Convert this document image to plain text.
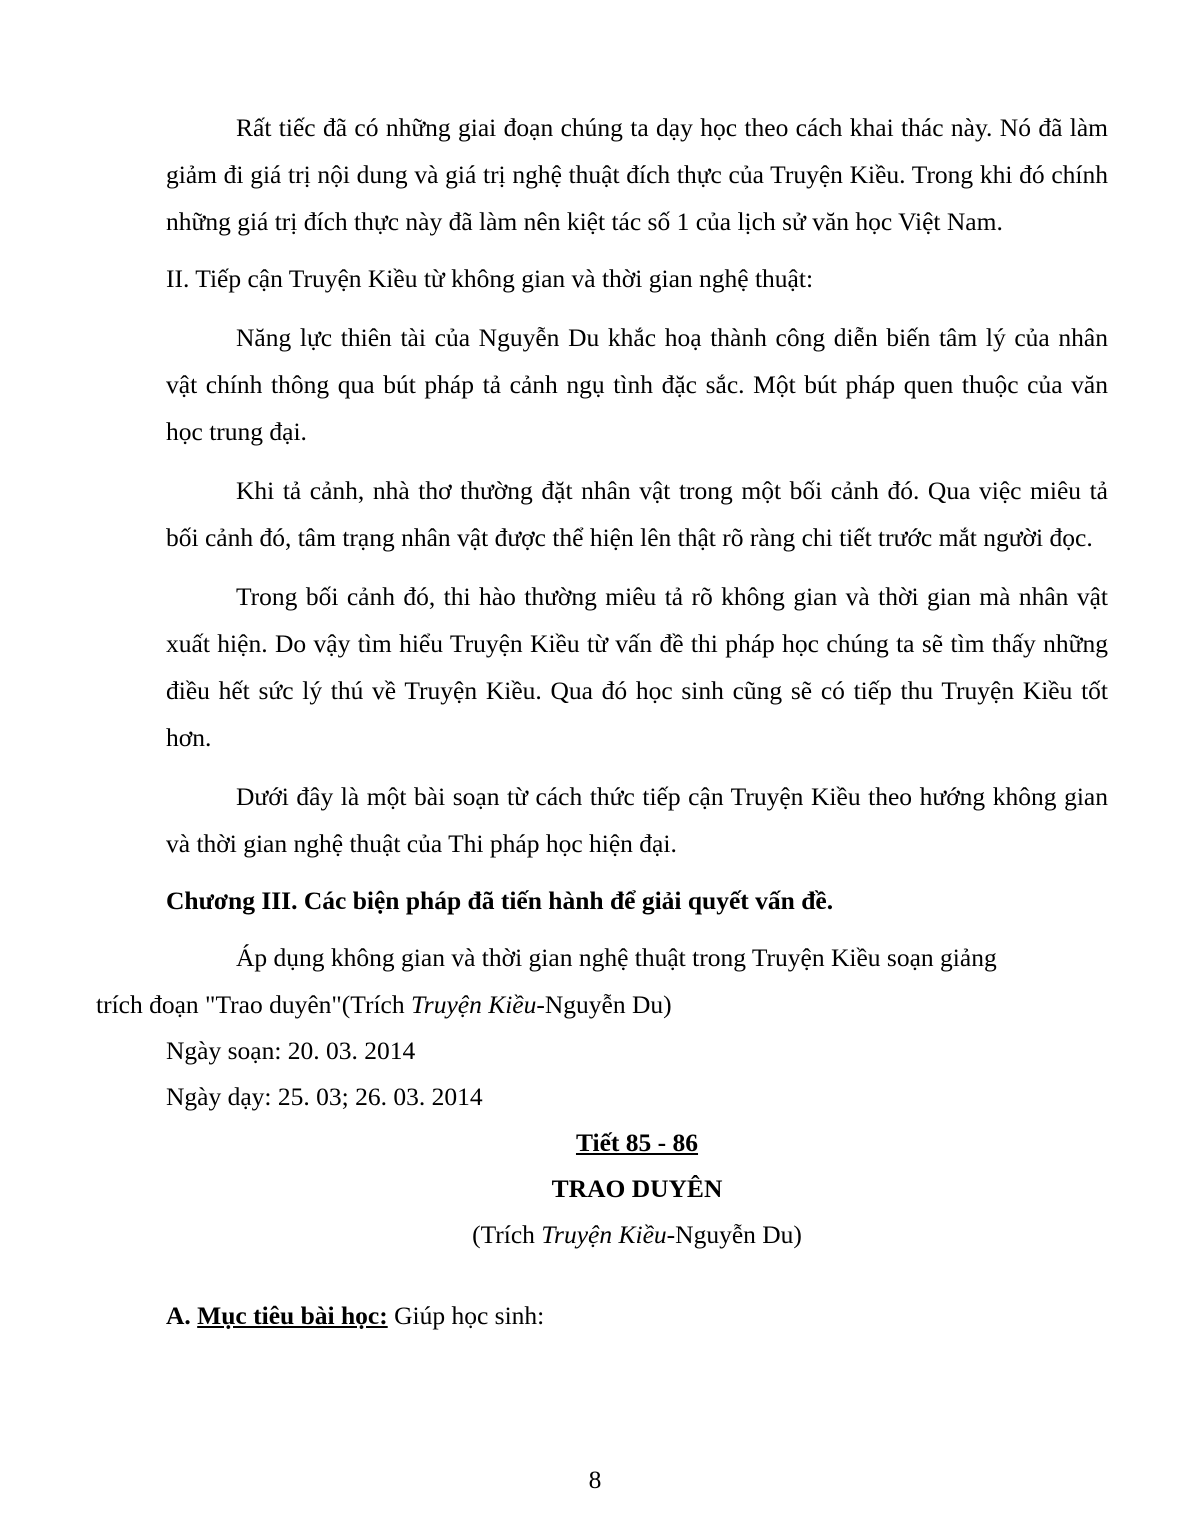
Rất tiếc đã có những giai đoạn chúng ta dạy học theo cách khai thác này. Nó đã làm giảm đi giá trị nội dung và giá trị nghệ thuật đích thực của Truyện Kiều. Trong khi đó chính những giá trị đích thực này đã làm nên kiệt tác số 1 của lịch sử văn học Việt Nam.

II. Tiếp cận Truyện Kiều từ không gian và thời gian nghệ thuật:

Năng lực thiên tài của Nguyễn Du khắc hoạ thành công diễn biến tâm lý của nhân vật chính thông qua bút pháp tả cảnh ngụ tình đặc sắc. Một bút pháp quen thuộc của văn học trung đại.

Khi tả cảnh, nhà thơ thường đặt nhân vật trong một bối cảnh đó. Qua việc miêu tả bối cảnh đó, tâm trạng nhân vật được thể hiện lên thật rõ ràng chi tiết trước mắt người đọc.

Trong bối cảnh đó, thi hào thường miêu tả rõ không gian và thời gian mà nhân vật xuất hiện. Do vậy tìm hiểu Truyện Kiều từ vấn đề thi pháp học chúng ta sẽ tìm thấy những điều hết sức lý thú về Truyện Kiều. Qua đó học sinh cũng sẽ có tiếp thu Truyện Kiều tốt hơn.

Dưới đây là một bài soạn từ cách thức tiếp cận Truyện Kiều theo hướng không gian và thời gian nghệ thuật của Thi pháp học hiện đại.

Chương III. Các biện pháp đã tiến hành để giải quyết vấn đề.

Áp dụng không gian và thời gian nghệ thuật trong Truyện Kiều soạn giảng
trích đoạn "Trao duyên"(Trích Truyện Kiều-Nguyễn Du)

Ngày soạn: 20. 03. 2014

Ngày dạy: 25. 03; 26. 03. 2014

Tiết 85 - 86

TRAO DUYÊN

(Trích Truyện Kiều-Nguyễn Du)

A. Mục tiêu bài học: Giúp học sinh:

8
